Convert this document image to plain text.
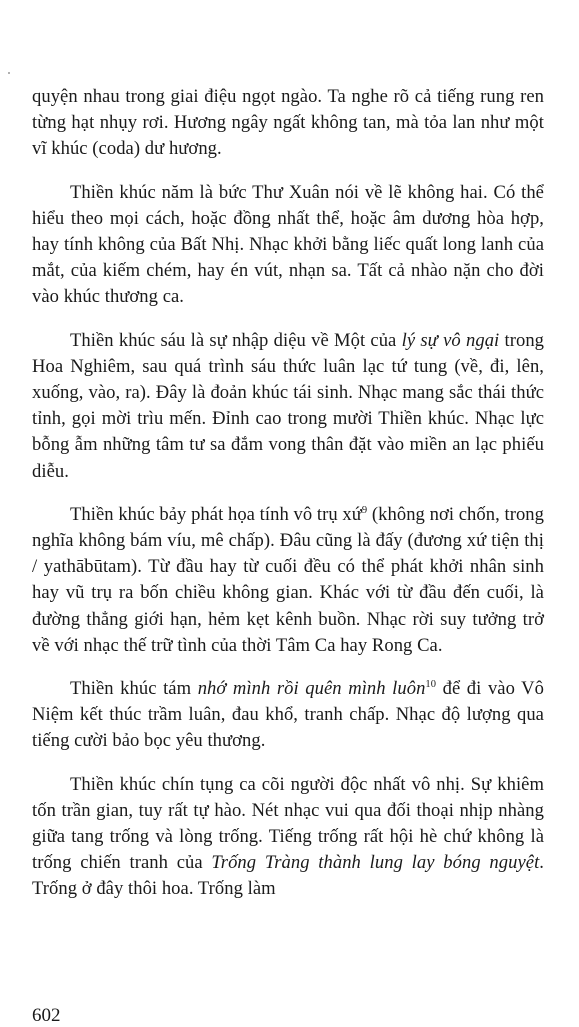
quyện nhau trong giai điệu ngọt ngào. Ta nghe rõ cả tiếng rung ren từng hạt nhụy rơi. Hương ngây ngất không tan, mà tỏa lan như một vĩ khúc (coda) dư hương.

Thiền khúc năm là bức Thư Xuân nói về lẽ không hai. Có thể hiểu theo mọi cách, hoặc đồng nhất thể, hoặc âm dương hòa hợp, hay tính không của Bất Nhị. Nhạc khởi bằng liếc quất long lanh của mắt, của kiếm chém, hay én vút, nhạn sa. Tất cả nhào nặn cho đời vào khúc thương ca.

Thiền khúc sáu là sự nhập diệu về Một của lý sự vô ngại trong Hoa Nghiêm, sau quá trình sáu thức luân lạc tứ tung (về, đi, lên, xuống, vào, ra). Đây là đoản khúc tái sinh. Nhạc mang sắc thái thức tỉnh, gọi mời trìu mến. Đỉnh cao trong mười Thiền khúc. Nhạc lực bỗng ẫm những tâm tư sa đắm vong thân đặt vào miền an lạc phiếu diễu.

Thiền khúc bảy phát họa tính vô trụ xứ$^9$ (không nơi chốn, trong nghĩa không bám víu, mê chấp). Đâu cũng là đấy (đương xứ tiện thị / yathābūtam). Từ đầu hay từ cuối đều có thể phát khởi nhân sinh hay vũ trụ ra bốn chiều không gian. Khác với từ đầu đến cuối, là đường thẳng giới hạn, hẻm kẹt kênh buồn. Nhạc rời suy tưởng trở về với nhạc thế trữ tình của thời Tâm Ca hay Rong Ca.

Thiền khúc tám nhớ mình rồi quên mình luôn$^{10}$ để đi vào Vô Niệm kết thúc trầm luân, đau khổ, tranh chấp. Nhạc độ lượng qua tiếng cười bảo bọc yêu thương.

Thiền khúc chín tụng ca cõi người độc nhất vô nhị. Sự khiêm tốn trần gian, tuy rất tự hào. Nét nhạc vui qua đối thoại nhịp nhàng giữa tang trống và lòng trống. Tiếng trống rất hội hè chứ không là trống chiến tranh của Trống Tràng thành lung lay bóng nguyệt. Trống ở đây thôi hoa. Trống làm

602
